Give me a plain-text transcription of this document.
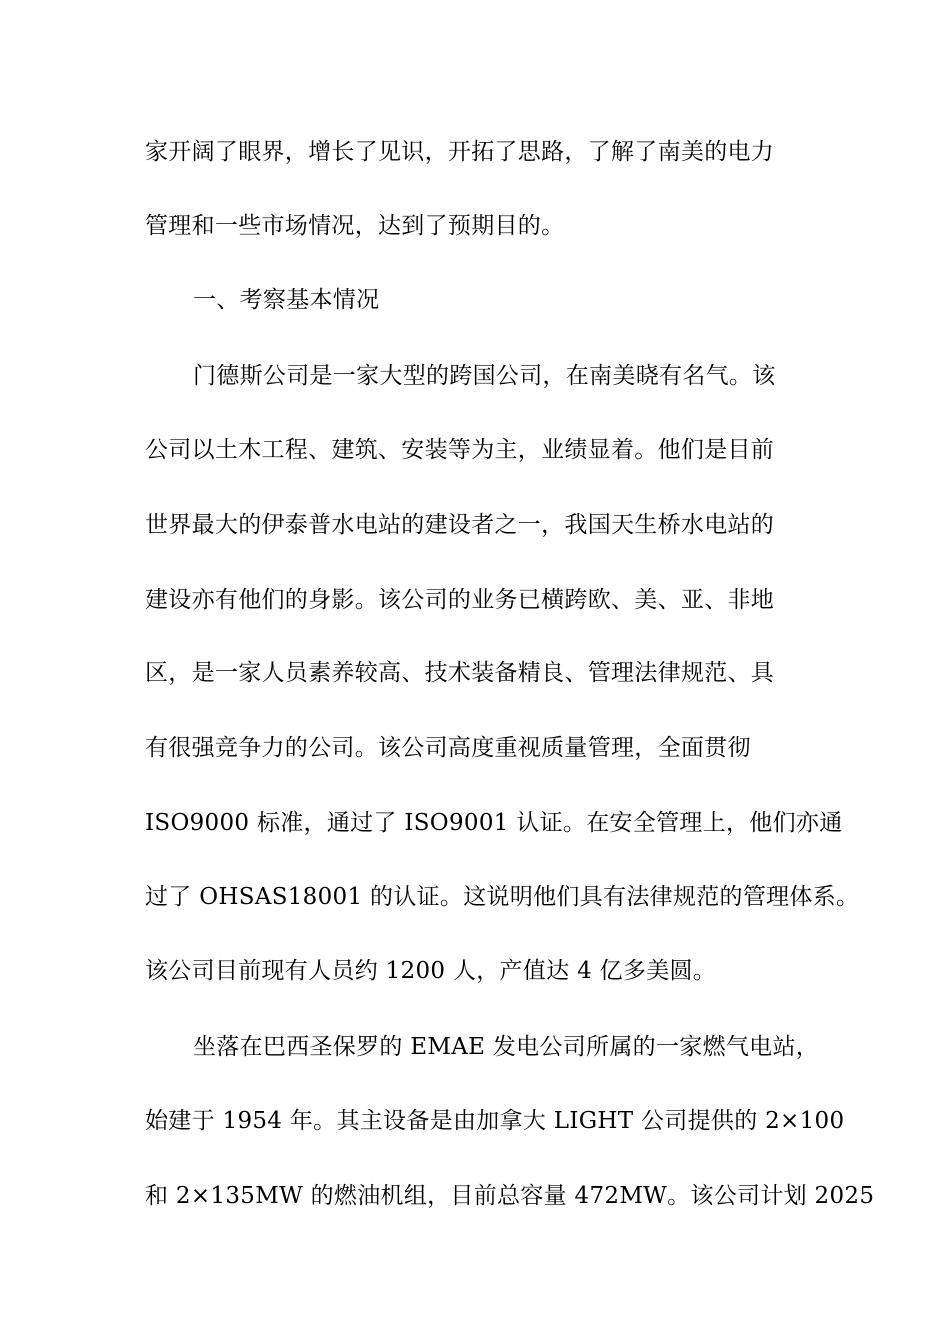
家开阔了眼界，增长了见识，开拓了思路，了解了南美的电力
管理和一些市场情况，达到了预期目的。
一、考察基本情况
门德斯公司是一家大型的跨国公司，在南美晓有名气。该
公司以土木工程、建筑、安装等为主，业绩显着。他们是目前
世界最大的伊泰普水电站的建设者之一，我国天生桥水电站的
建设亦有他们的身影。该公司的业务已横跨欧、美、亚、非地
区，是一家人员素养较高、技术装备精良、管理法律规范、具
有很强竞争力的公司。该公司高度重视质量管理，全面贯彻
ISO9000 标准，通过了 ISO9001 认证。在安全管理上，他们亦通
过了 OHSAS18001 的认证。这说明他们具有法律规范的管理体系。
该公司目前现有人员约 1200 人，产值达 4 亿多美圆。
坐落在巴西圣保罗的 EMAE 发电公司所属的一家燃气电站，
始建于 1954 年。其主设备是由加拿大 LIGHT 公司提供的 2×100
和 2×135MW 的燃油机组，目前总容量 472MW。该公司计划 2025
